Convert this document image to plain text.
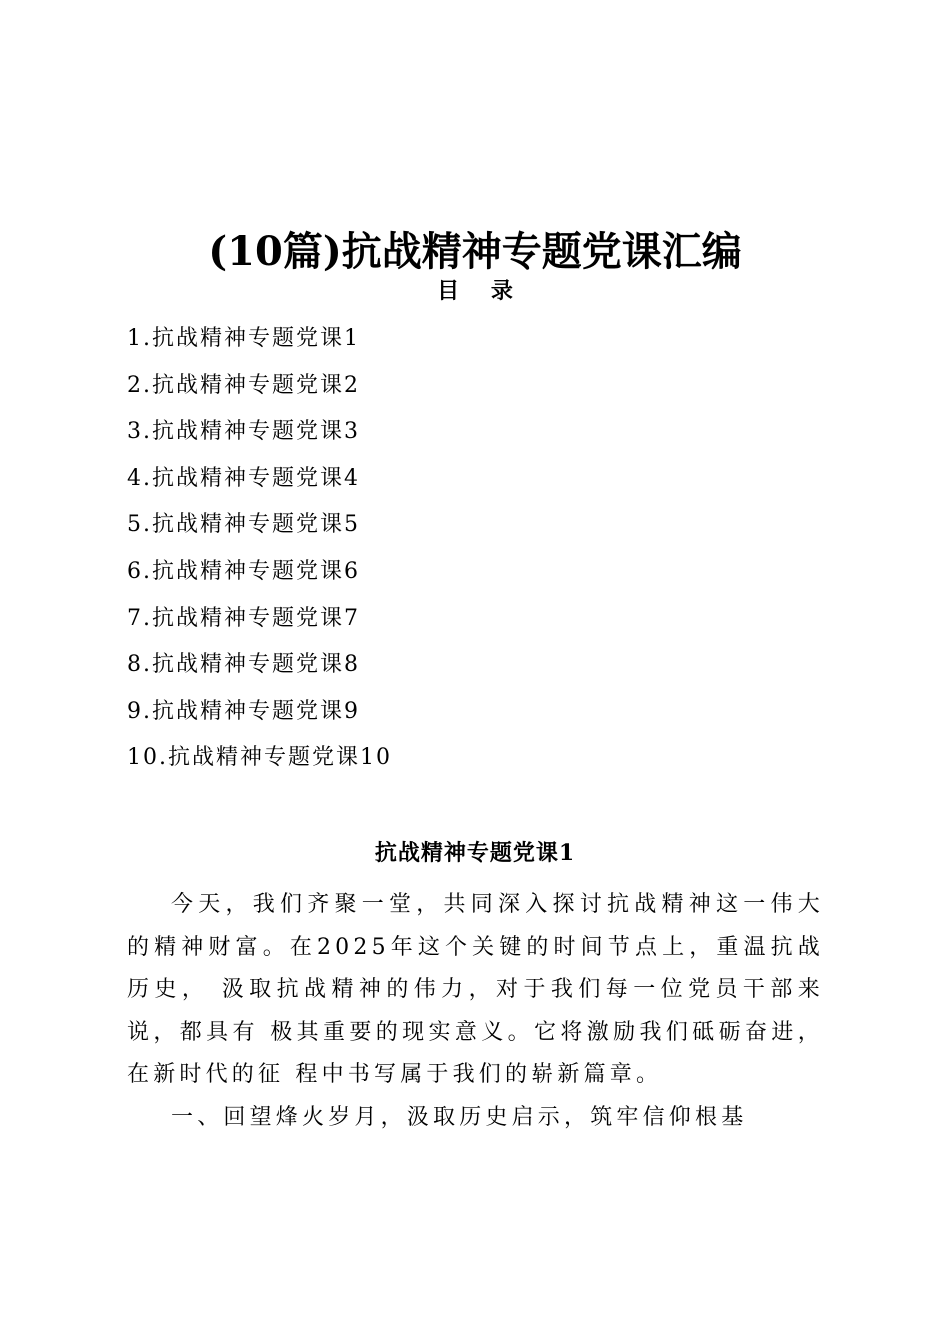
(10篇)抗战精神专题党课汇编
目 录
1.抗战精神专题党课1
2.抗战精神专题党课2
3.抗战精神专题党课3
4.抗战精神专题党课4
5.抗战精神专题党课5
6.抗战精神专题党课6
7.抗战精神专题党课7
8.抗战精神专题党课8
9.抗战精神专题党课9
10.抗战精神专题党课10
抗战精神专题党课1

今天，我们齐聚一堂，共同深入探讨抗战精神这一伟大的精神财富。在2025年这个关键的时间节点上，重温抗战历史， 汲取抗战精神的伟力，对于我们每一位党员干部来说，都具有 极其重要的现实意义。它将激励我们砥砺奋进，在新时代的征 程中书写属于我们的崭新篇章。

一、回望烽火岁月，汲取历史启示，筑牢信仰根基
